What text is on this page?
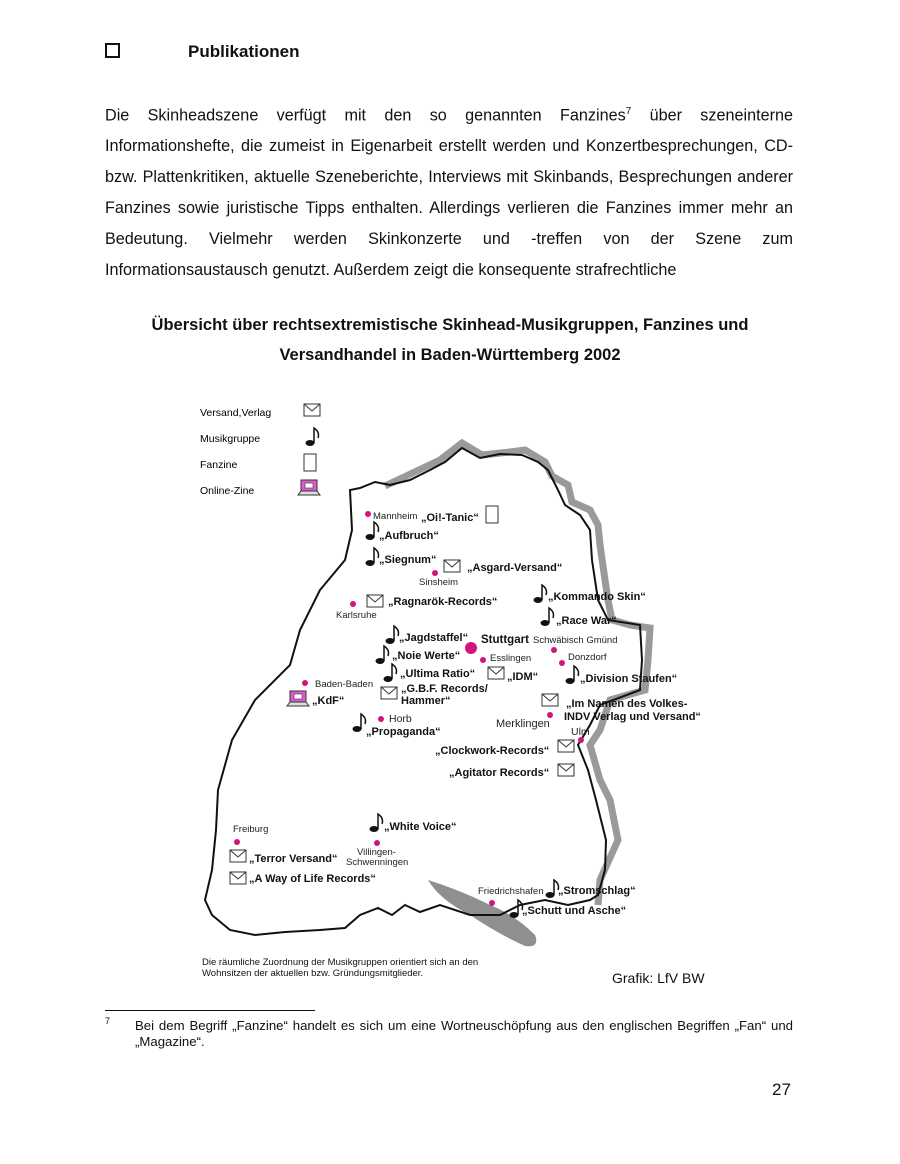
Publikationen
Die Skinheadszene verfügt mit den so genannten Fanzines$^7$ über szeneinterne Informationshefte, die zumeist in Eigenarbeit erstellt werden und Konzertbesprechungen, CD- bzw. Plattenkritiken, aktuelle Szeneberichte, Interviews mit Skinbands, Besprechungen anderer Fanzines sowie juristische Tipps enthalten. Allerdings verlieren die Fanzines immer mehr an Bedeutung. Vielmehr werden Skinkonzerte und -treffen von der Szene zum Informationsaustausch genutzt. Außerdem zeigt die konsequente strafrechtliche
Übersicht über rechtsextremistische Skinhead-Musikgruppen, Fanzines und
Versandhandel in Baden-Württemberg 2002
Versand,Verlag
Musikgruppe
Fanzine
Online-Zine
Mannheim
Sinsheim
Karlsruhe
Stuttgart Schwäbisch Gmünd
Esslingen	Donzdorf
Baden-Baden
Horb	Merklingen
Ulm
Freiburg
Villingen-
Schwenningen
Friedrichshafen
„Oi!-Tanic“
„Aufbruch“
„Siegnum“
„Asgard-Versand“
„Kommando Skin“
„Ragnarök-Records“
„Race War“
„Jagdstaffel“
„Noie Werte“
„Ultima Ratio“	„IDM“
„G.B.F. Records/
Hammer“
„Division Staufen“
„KdF“	„Im Namen des Volkes-
INDV Verlag und Versand“
„Propaganda“
„Clockwork-Records“
„Agitator Records“
„White Voice“
„Terror Versand“
„A Way of Life Records“
„Stromschlag“
„Schutt und Asche“
Die räumliche Zuordnung der Musikgruppen orientiert sich an den
Wohnsitzen der aktuellen bzw. Gründungsmitglieder.	Grafik: LfV BW
7 Bei dem Begriff „Fanzine“ handelt es sich um eine Wortneuschöpfung aus den englischen Begriffen „Fan“ und „Magazine“.
27
